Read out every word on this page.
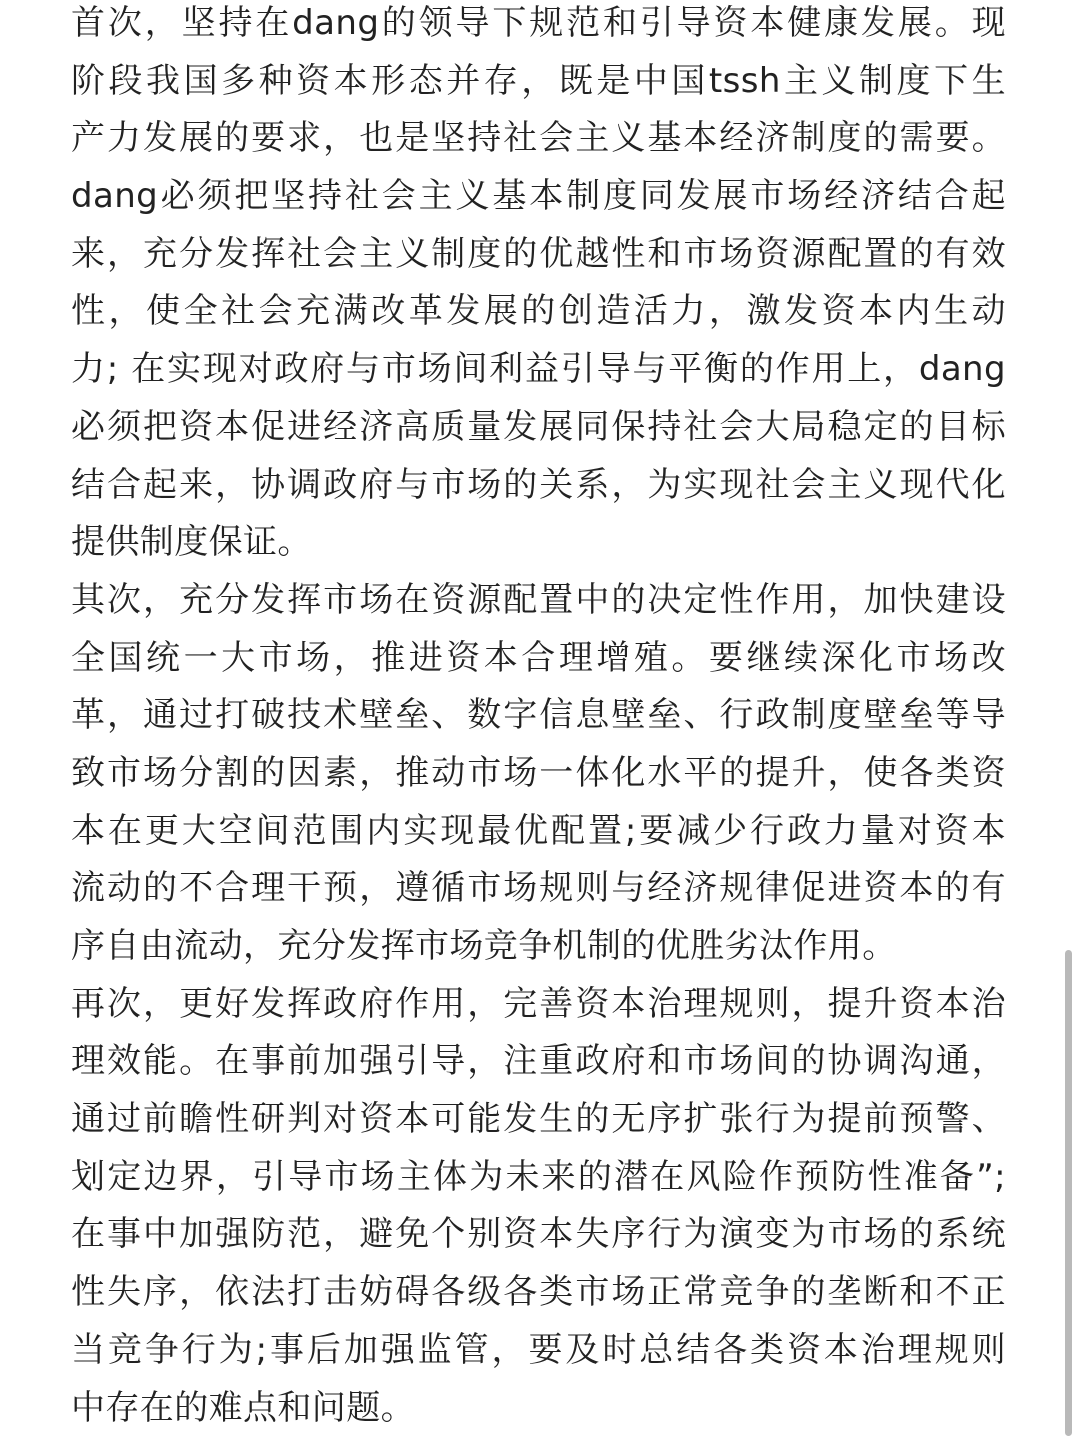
首次，坚持在dang的领导下规范和引导资本健康发展。现
阶段我国多种资本形态并存，既是中国tssh主义制度下生
产力发展的要求，也是坚持社会主义基本经济制度的需要。
dang必须把坚持社会主义基本制度同发展市场经济结合起
来，充分发挥社会主义制度的优越性和市场资源配置的有效
性，使全社会充满改革发展的创造活力，激发资本内生动
力; 在实现对政府与市场间利益引导与平衡的作用上，dang
必须把资本促进经济高质量发展同保持社会大局稳定的目标
结合起来，协调政府与市场的关系，为实现社会主义现代化
提供制度保证。

其次，充分发挥市场在资源配置中的决定性作用，加快建设
全国统一大市场，推进资本合理增殖。要继续深化市场改
革，通过打破技术壁垒、数字信息壁垒、行政制度壁垒等导
致市场分割的因素，推动市场一体化水平的提升，使各类资
本在更大空间范围内实现最优配置;要减少行政力量对资本
流动的不合理干预，遵循市场规则与经济规律促进资本的有
序自由流动，充分发挥市场竞争机制的优胜劣汰作用。

再次，更好发挥政府作用，完善资本治理规则，提升资本治
理效能。在事前加强引导，注重政府和市场间的协调沟通，
通过前瞻性研判对资本可能发生的无序扩张行为提前预警、
划定边界，引导市场主体为未来的潜在风险作预防性准备”;
在事中加强防范，避免个别资本失序行为演变为市场的系统
性失序，依法打击妨碍各级各类市场正常竞争的垄断和不正
当竞争行为;事后加强监管，要及时总结各类资本治理规则
中存在的难点和问题。
